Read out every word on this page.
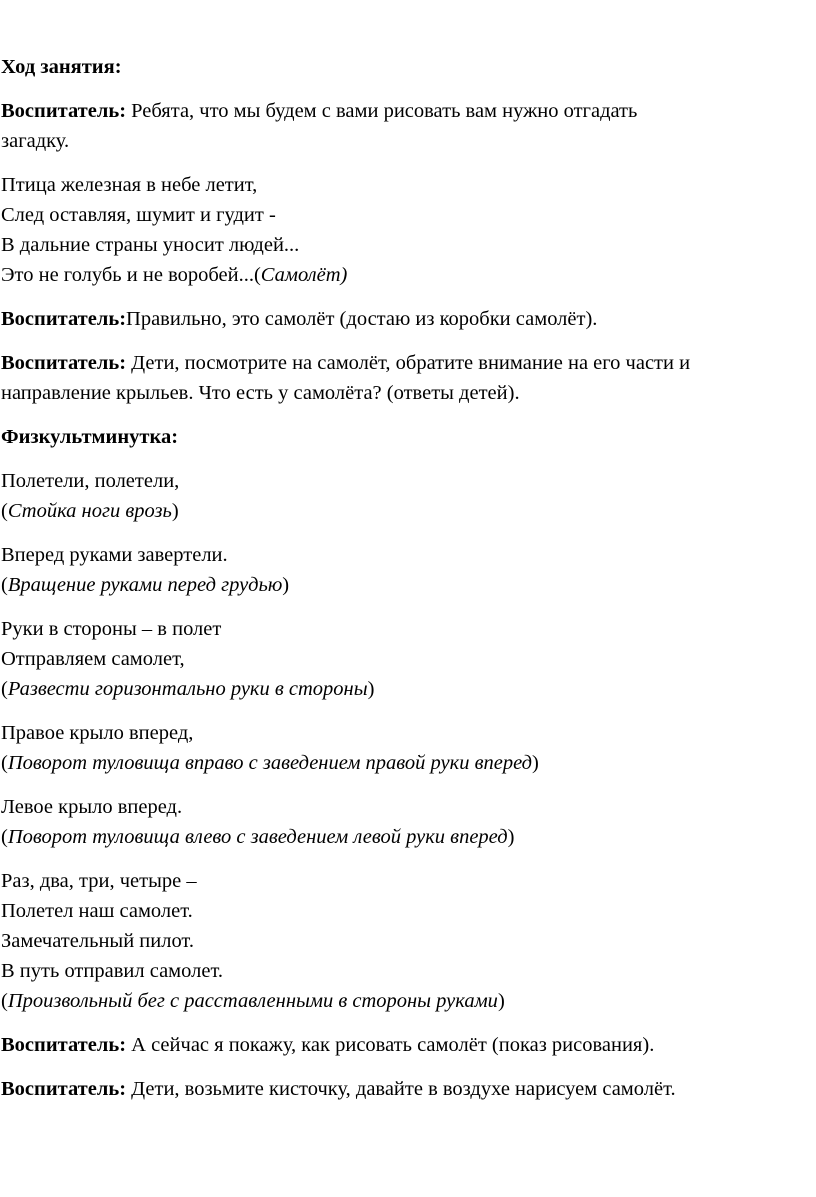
Ход занятия:

Воспитатель: Ребята, что мы будем с вами рисовать вам нужно отгадать
загадку.

Птица железная в небе летит,
След оставляя, шумит и гудит -
В дальние страны уносит людей...
Это не голубь и не воробей...(Самолёт)

Воспитатель:Правильно, это самолёт (достаю из коробки самолёт).

Воспитатель: Дети, посмотрите на самолёт, обратите внимание на его части и
направление крыльев. Что есть у самолёта? (ответы детей).

Физкультминутка:

Полетели, полетели,
(Стойка ноги врозь)

Вперед руками завертели.
(Вращение руками перед грудью)

Руки в стороны – в полет
Отправляем самолет,
(Развести горизонтально руки в стороны)

Правое крыло вперед,
(Поворот туловища вправо с заведением правой руки вперед)

Левое крыло вперед.
(Поворот туловища влево с заведением левой руки вперед)

Раз, два, три, четыре –
Полетел наш самолет.
Замечательный пилот.
В путь отправил самолет.
(Произвольный бег с расставленными в стороны руками)

Воспитатель: А сейчас я покажу, как рисовать самолёт (показ рисования).

Воспитатель: Дети, возьмите кисточку, давайте в воздухе нарисуем самолёт.
